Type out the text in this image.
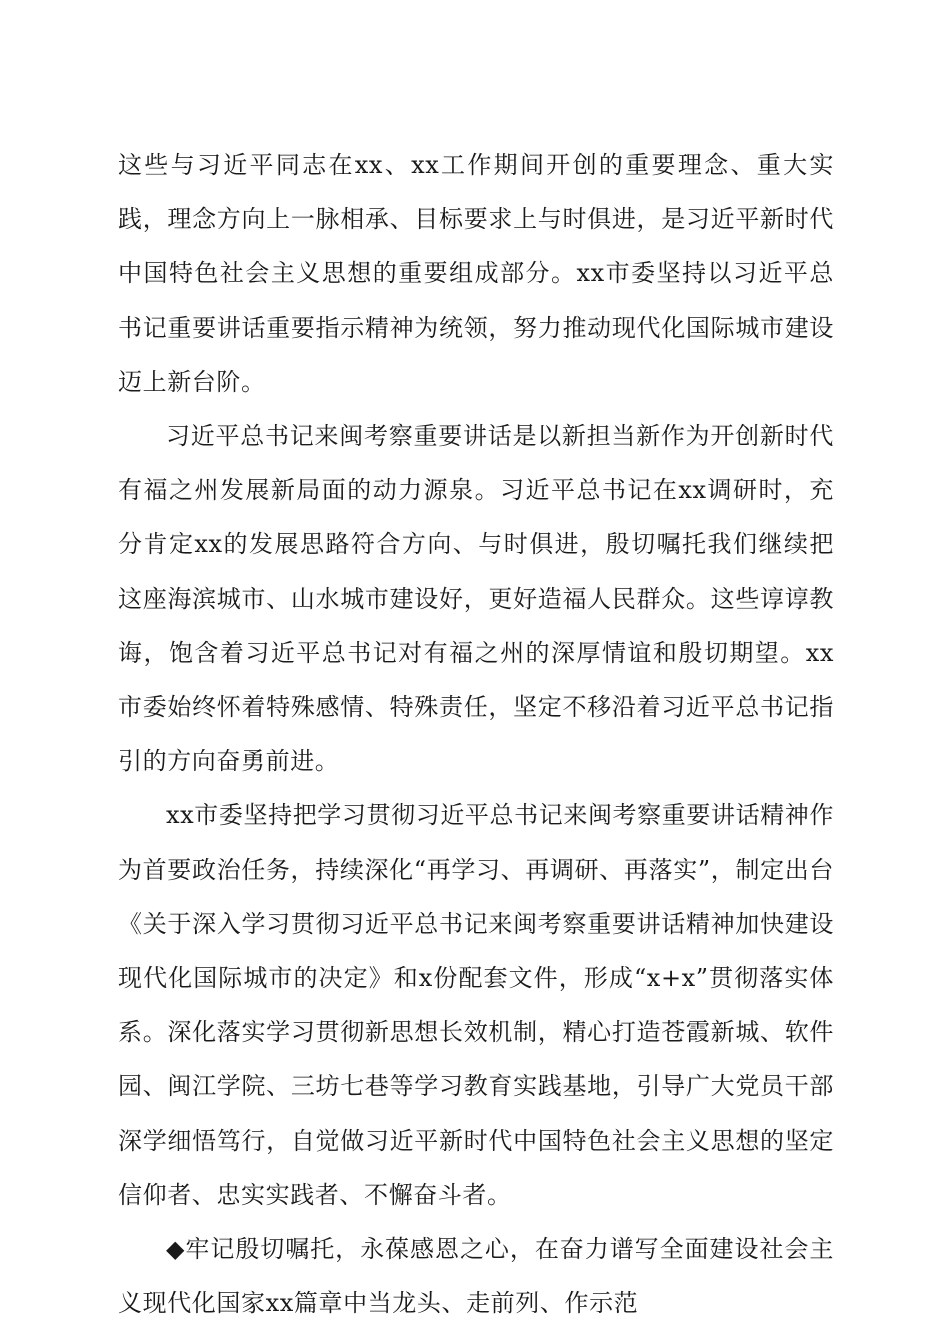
这些与习近平同志在xx、xx工作期间开创的重要理念、重大实践，理念方向上一脉相承、目标要求上与时俱进，是习近平新时代中国特色社会主义思想的重要组成部分。xx市委坚持以习近平总书记重要讲话重要指示精神为统领，努力推动现代化国际城市建设迈上新台阶。

习近平总书记来闽考察重要讲话是以新担当新作为开创新时代有福之州发展新局面的动力源泉。习近平总书记在xx调研时，充分肯定xx的发展思路符合方向、与时俱进，殷切嘱托我们继续把这座海滨城市、山水城市建设好，更好造福人民群众。这些谆谆教诲，饱含着习近平总书记对有福之州的深厚情谊和殷切期望。xx市委始终怀着特殊感情、特殊责任，坚定不移沿着习近平总书记指引的方向奋勇前进。

xx市委坚持把学习贯彻习近平总书记来闽考察重要讲话精神作为首要政治任务，持续深化“再学习、再调研、再落实”，制定出台《关于深入学习贯彻习近平总书记来闽考察重要讲话精神加快建设现代化国际城市的决定》和x份配套文件，形成“x+x”贯彻落实体系。深化落实学习贯彻新思想长效机制，精心打造苍霞新城、软件园、闽江学院、三坊七巷等学习教育实践基地，引导广大党员干部深学细悟笃行，自觉做习近平新时代中国特色社会主义思想的坚定信仰者、忠实实践者、不懈奋斗者。

◆牢记殷切嘱托，永葆感恩之心，在奋力谱写全面建设社会主义现代化国家xx篇章中当龙头、走前列、作示范
